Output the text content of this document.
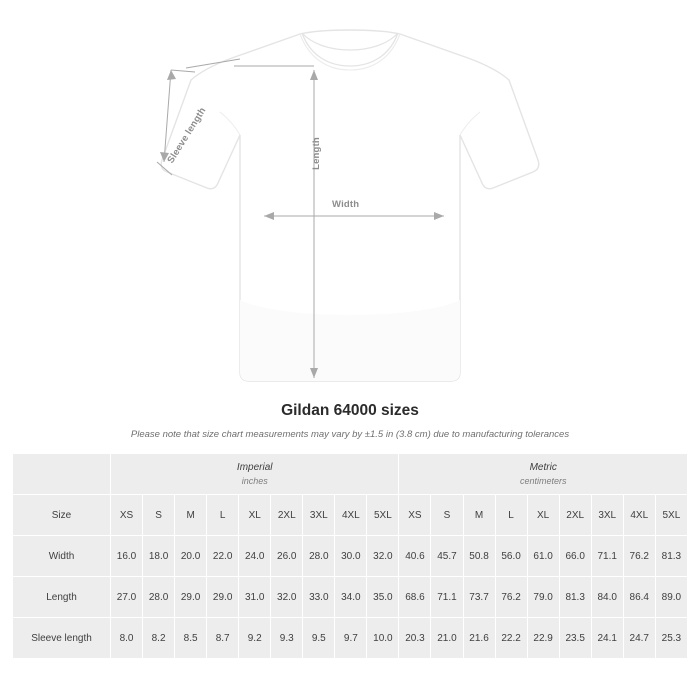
Sleeve length	Length
Width
Gildan 64000 sizes
Please note that size chart measurements may vary by ±1.5 in (3.8 cm) due to manufacturing tolerances
	Imperial
inches									Metric
centimeters								

Size	XS	S	M	L	XL	2XL	3XL	4XL	5XL	XS	S	M	L	XL	2XL	3XL	4XL	5XL
Width	16.0	18.0	20.0	22.0	24.0	26.0	28.0	30.0	32.0	40.6	45.7	50.8	56.0	61.0	66.0	71.1	76.2	81.3
Length	27.0	28.0	29.0	29.0	31.0	32.0	33.0	34.0	35.0	68.6	71.1	73.7	76.2	79.0	81.3	84.0	86.4	89.0
Sleeve length	8.0	8.2	8.5	8.7	9.2	9.3	9.5	9.7	10.0	20.3	21.0	21.6	22.2	22.9	23.5	24.1	24.7	25.3
